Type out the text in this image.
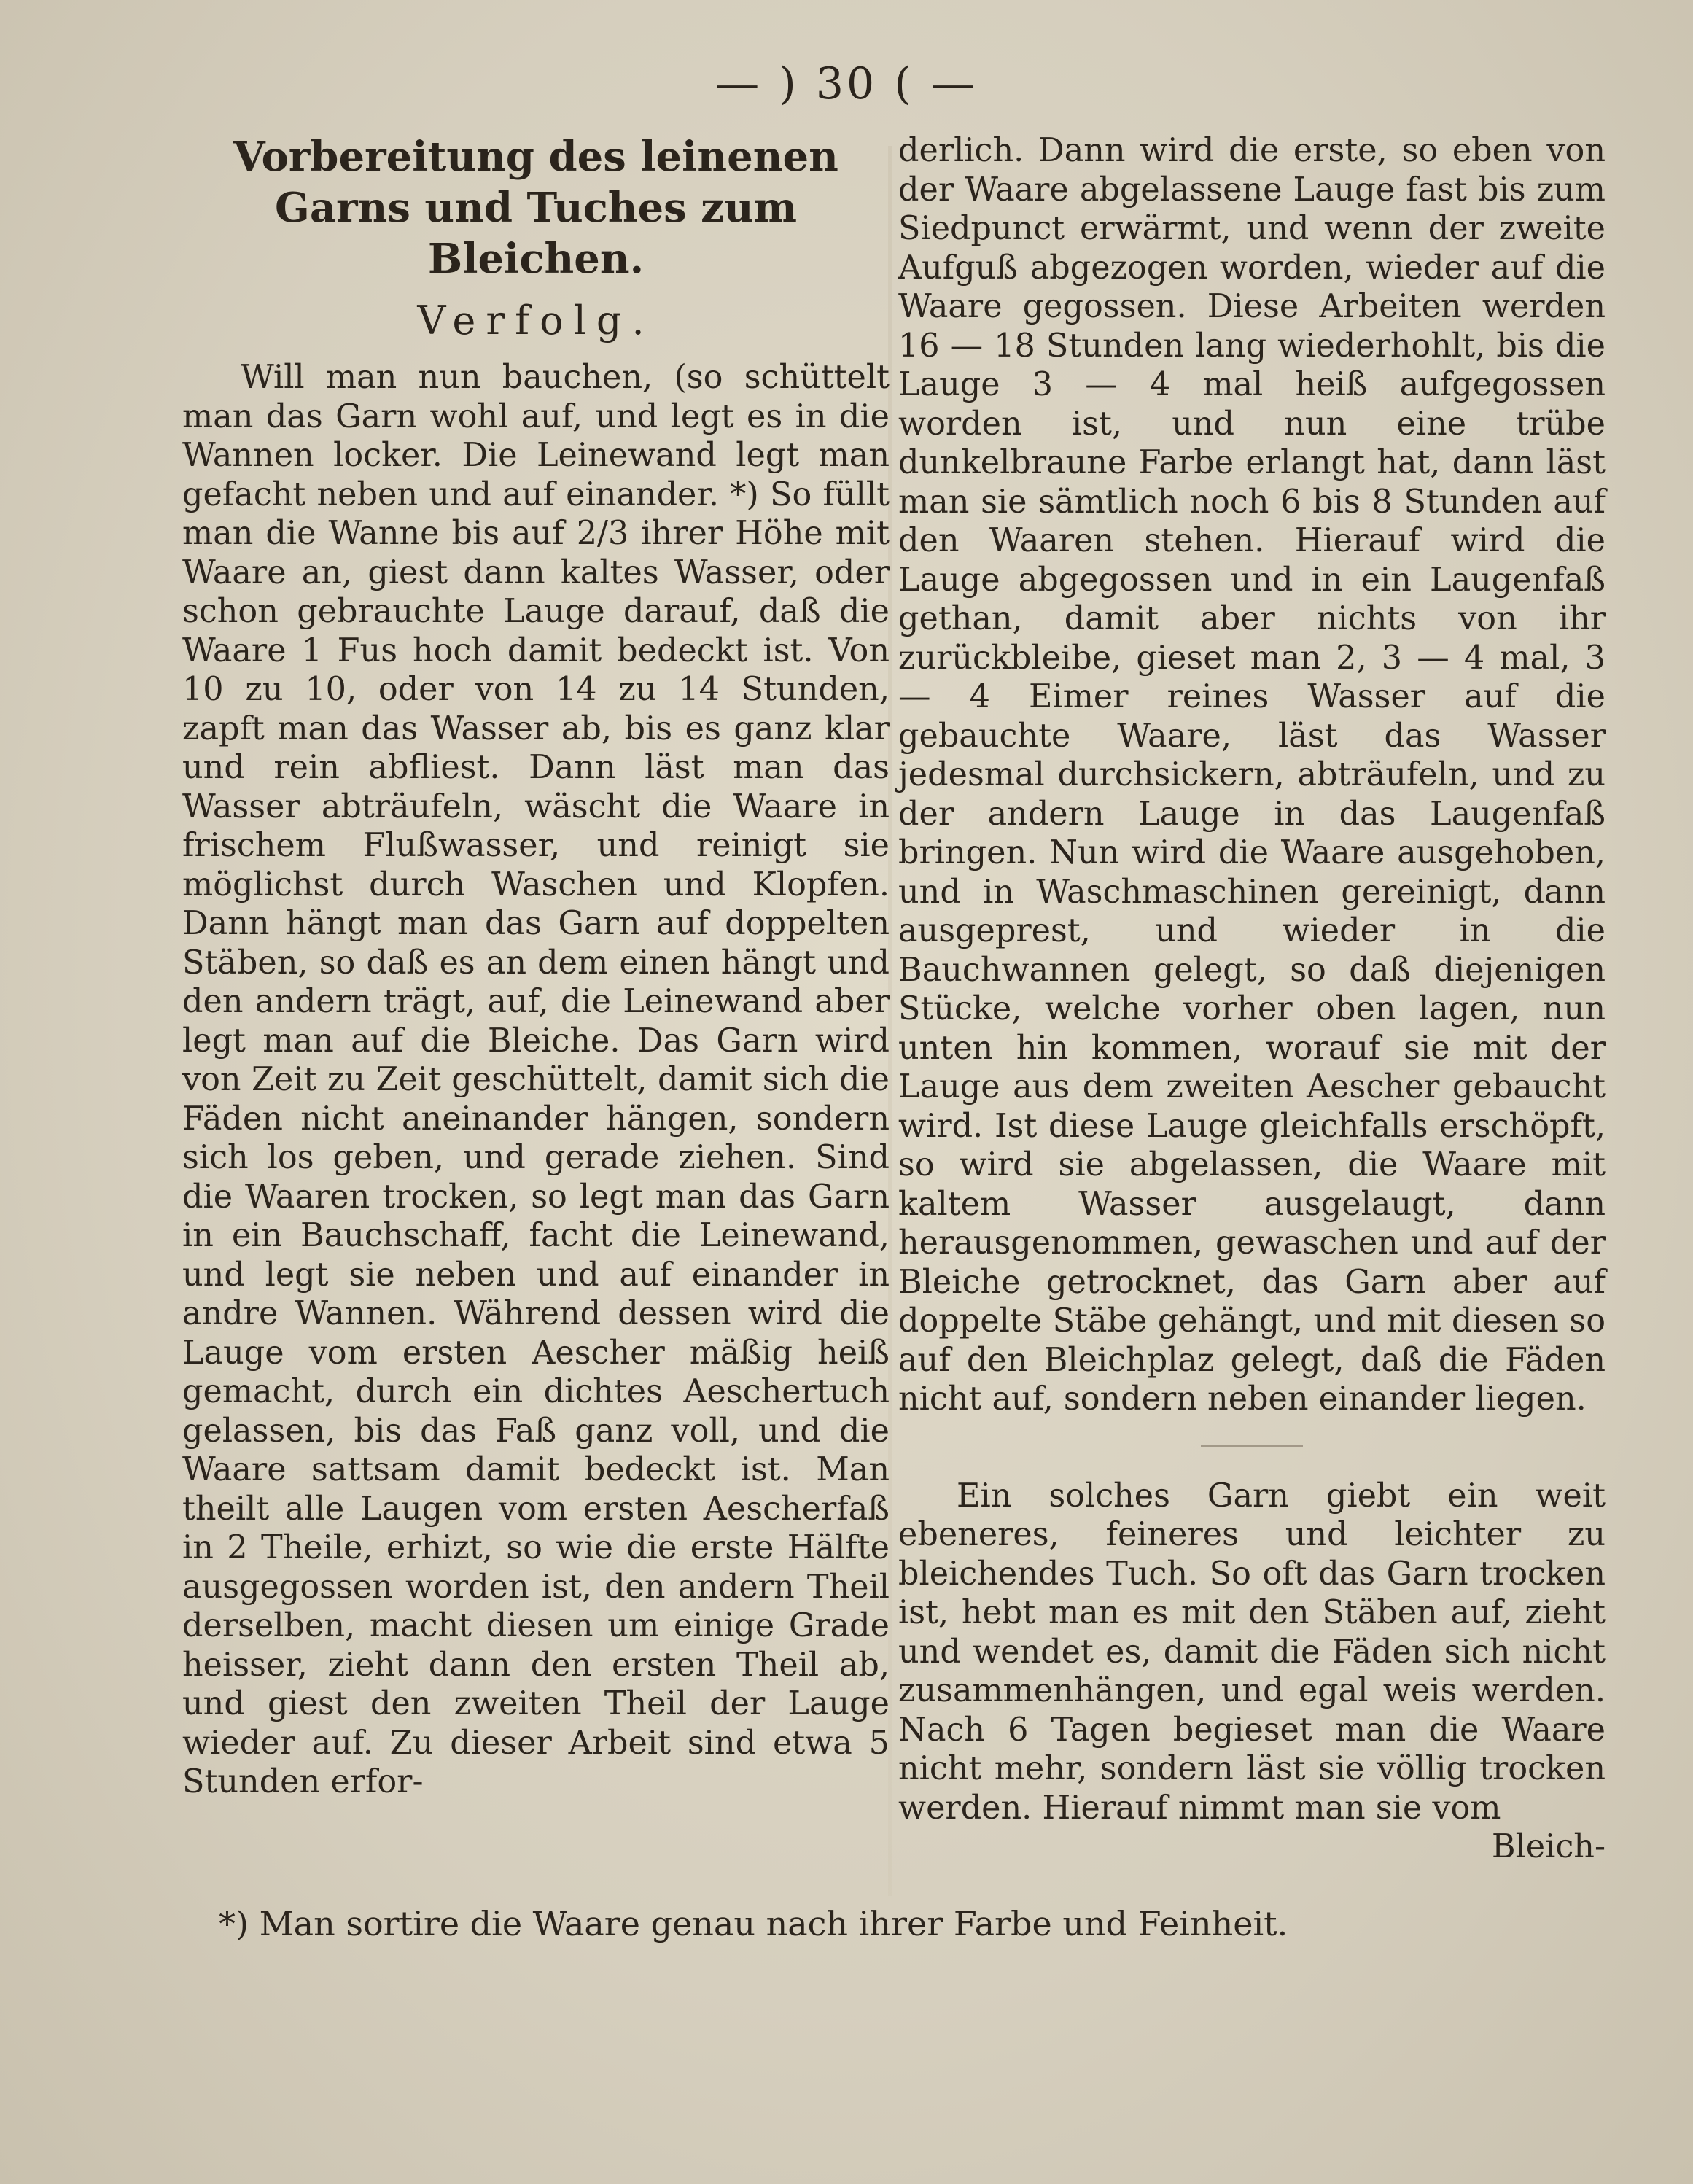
— ) 30 ( —
Vorbereitung des leinenen Garns und Tuches zum Bleichen.
Verfolg.

Will man nun bauchen, (so schüttelt man das Garn wohl auf, und legt es in die Wannen locker. Die Leinewand legt man gefacht neben und auf einander. *) So füllt man die Wanne bis auf 2/3 ihrer Höhe mit Waare an, giest dann kaltes Wasser, oder schon gebrauchte Lauge darauf, daß die Waare 1 Fus hoch damit bedeckt ist. Von 10 zu 10, oder von 14 zu 14 Stunden, zapft man das Wasser ab, bis es ganz klar und rein abfliest. Dann läst man das Wasser abträufeln, wäscht die Waare in frischem Flußwasser, und reinigt sie möglichst durch Waschen und Klopfen. Dann hängt man das Garn auf doppelten Stäben, so daß es an dem einen hängt und den andern trägt, auf, die Leinewand aber legt man auf die Bleiche. Das Garn wird von Zeit zu Zeit geschüttelt, damit sich die Fäden nicht aneinander hängen, sondern sich los geben, und gerade ziehen. Sind die Waaren trocken, so legt man das Garn in ein Bauchschaff, facht die Leinewand, und legt sie neben und auf einander in andre Wannen. Während dessen wird die Lauge vom ersten Aescher mäßig heiß gemacht, durch ein dichtes Aeschertuch gelassen, bis das Faß ganz voll, und die Waare sattsam damit bedeckt ist. Man theilt alle Laugen vom ersten Aescherfaß in 2 Theile, erhizt, so wie die erste Hälfte ausgegossen worden ist, den andern Theil derselben, macht diesen um einige Grade heisser, zieht dann den ersten Theil ab, und giest den zweiten Theil der Lauge wieder auf. Zu dieser Arbeit sind etwa 5 Stunden erfor-

derlich. Dann wird die erste, so eben von der Waare abgelassene Lauge fast bis zum Siedpunct erwärmt, und wenn der zweite Aufguß abgezogen worden, wieder auf die Waare gegossen. Diese Arbeiten werden 16 — 18 Stunden lang wiederhohlt, bis die Lauge 3 — 4 mal heiß aufgegossen worden ist, und nun eine trübe dunkelbraune Farbe erlangt hat, dann läst man sie sämtlich noch 6 bis 8 Stunden auf den Waaren stehen. Hierauf wird die Lauge abgegossen und in ein Laugenfaß gethan, damit aber nichts von ihr zurückbleibe, gieset man 2, 3 — 4 mal, 3 — 4 Eimer reines Wasser auf die gebauchte Waare, läst das Wasser jedesmal durchsickern, abträufeln, und zu der andern Lauge in das Laugenfaß bringen. Nun wird die Waare ausgehoben, und in Waschmaschinen gereinigt, dann ausgeprest, und wieder in die Bauchwannen gelegt, so daß diejenigen Stücke, welche vorher oben lagen, nun unten hin kommen, worauf sie mit der Lauge aus dem zweiten Aescher gebaucht wird. Ist diese Lauge gleichfalls erschöpft, so wird sie abgelassen, die Waare mit kaltem Wasser ausgelaugt, dann herausgenommen, gewaschen und auf der Bleiche getrocknet, das Garn aber auf doppelte Stäbe gehängt, und mit diesen so auf den Bleichplaz gelegt, daß die Fäden nicht auf, sondern neben einander liegen.

Ein solches Garn giebt ein weit ebeneres, feineres und leichter zu bleichendes Tuch. So oft das Garn trocken ist, hebt man es mit den Stäben auf, zieht und wendet es, damit die Fäden sich nicht zusammenhängen, und egal weis werden. Nach 6 Tagen begieset man die Waare nicht mehr, sondern läst sie völlig trocken werden. Hierauf nimmt man sie vom

Bleich-

*) Man sortire die Waare genau nach ihrer Farbe und Feinheit.
